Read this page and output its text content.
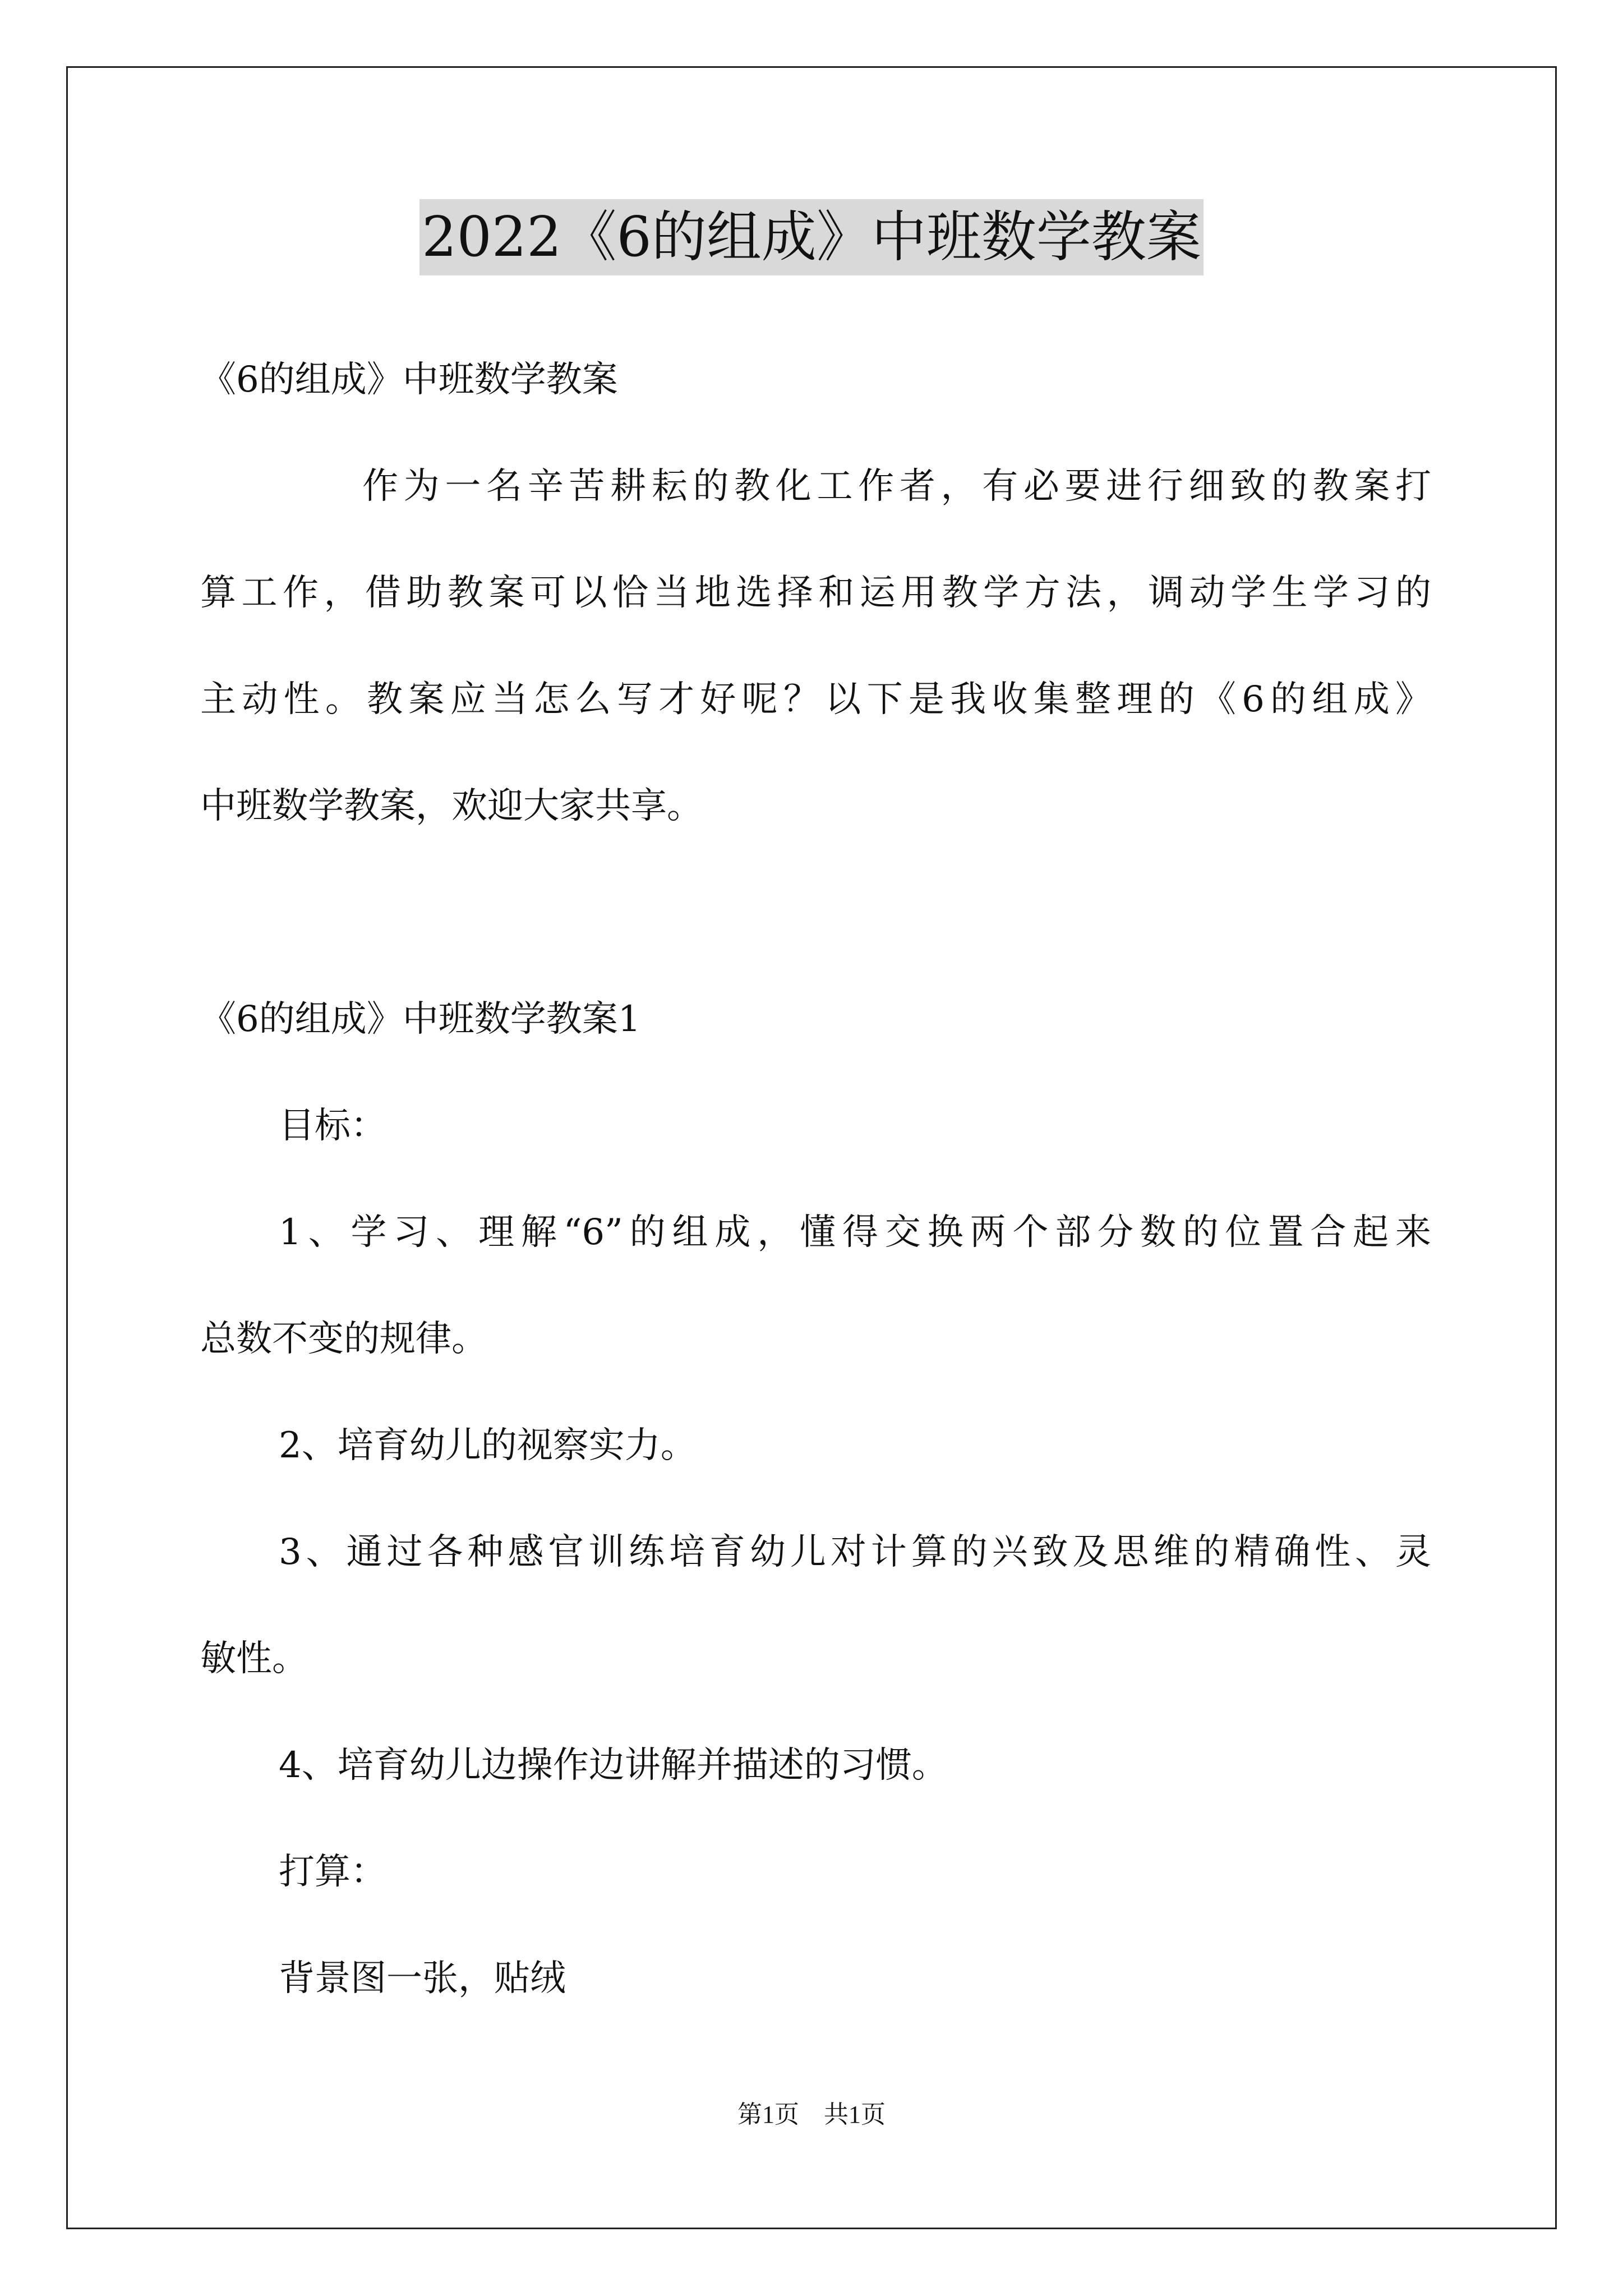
2022《6的组成》中班数学教案
《6的组成》中班数学教案
作为一名辛苦耕耘的教化工作者，有必要进行细致的教案打
算工作，借助教案可以恰当地选择和运用教学方法，调动学生学习的
主动性。教案应当怎么写才好呢？以下是我收集整理的《6的组成》
中班数学教案，欢迎大家共享。
《6的组成》中班数学教案1
目标：
1、学习、理解“6”的组成，懂得交换两个部分数的位置合起来
总数不变的规律。
2、培育幼儿的视察实力。
3、通过各种感官训练培育幼儿对计算的兴致及思维的精确性、灵
敏性。
4、培育幼儿边操作边讲解并描述的习惯。
打算：
背景图一张，贴绒
第1页　共1页
